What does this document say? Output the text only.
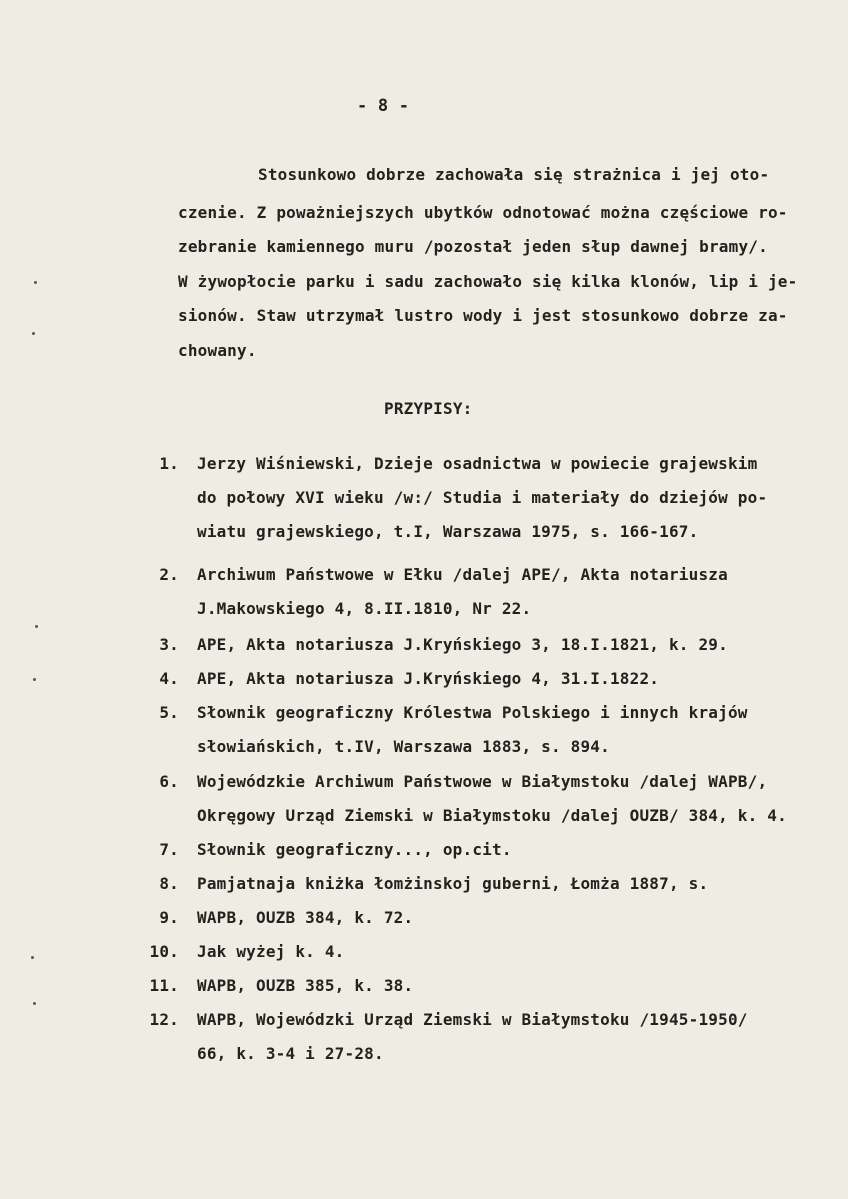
- 8 -
Stosunkowo dobrze zachowała się strażnica i jej oto-
czenie. Z poważniejszych ubytków odnotować można częściowe ro-
zebranie kamiennego muru /pozostał jeden słup dawnej bramy/.
W żywopłocie parku i sadu zachowało się kilka klonów, lip i je-
sionów. Staw utrzymał lustro wody i jest stosunkowo dobrze za-
chowany.
PRZYPISY:
1. Jerzy Wiśniewski, Dzieje osadnictwa w powiecie grajewskim
do połowy XVI wieku /w:/ Studia i materiały do dziejów po-
wiatu grajewskiego, t.I, Warszawa 1975, s. 166-167.
2. Archiwum Państwowe w Ełku /dalej APE/, Akta notariusza
J.Makowskiego 4, 8.II.1810, Nr 22.
3. APE, Akta notariusza J.Kryńskiego 3, 18.I.1821, k. 29.
4. APE, Akta notariusza J.Kryńskiego 4, 31.I.1822.
5. Słownik geograficzny Królestwa Polskiego i innych krajów
słowiańskich, t.IV, Warszawa 1883, s. 894.
6. Wojewódzkie Archiwum Państwowe w Białymstoku /dalej WAPB/,
Okręgowy Urząd Ziemski w Białymstoku /dalej OUZB/ 384, k. 4.
7. Słownik geograficzny..., op.cit.
8. Pamjatnaja kniżka łomżinskoj guberni, Łomża 1887, s.
9. WAPB, OUZB 384, k. 72.
10. Jak wyżej k. 4.
11. WAPB, OUZB 385, k. 38.
12. WAPB, Wojewódzki Urząd Ziemski w Białymstoku /1945-1950/
66, k. 3-4 i 27-28.
